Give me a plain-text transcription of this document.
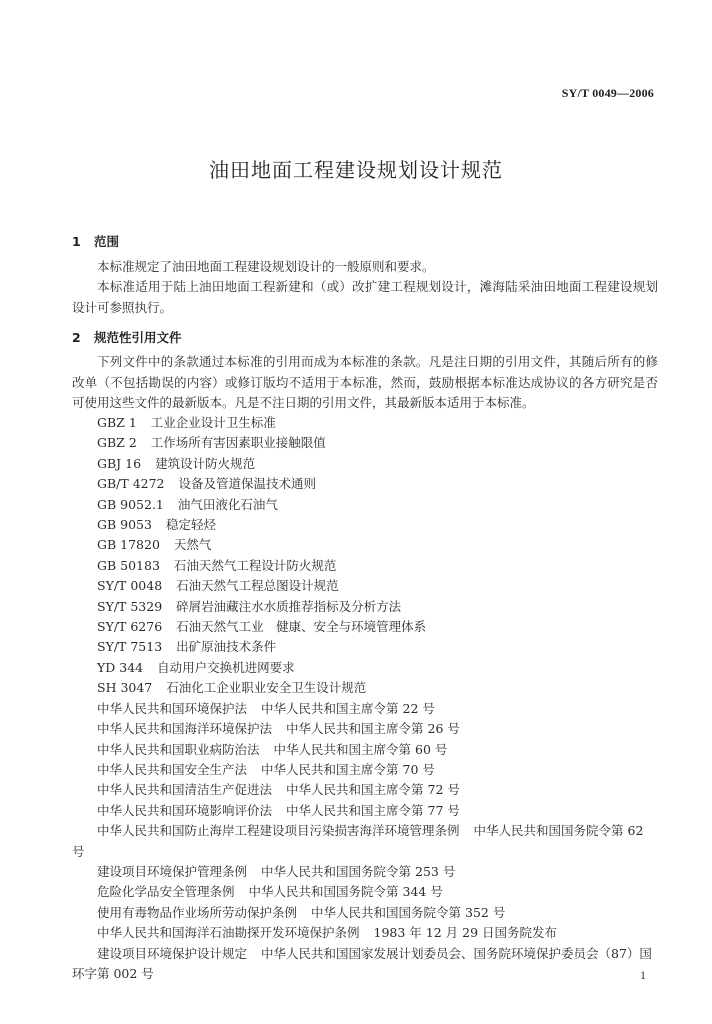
SY/T 0049—2006
油田地面工程建设规划设计规范
1 范围
本标准规定了油田地面工程建设规划设计的一般原则和要求。
本标准适用于陆上油田地面工程新建和（或）改扩建工程规划设计，滩海陆采油田地面工程建设规划设计可参照执行。
2 规范性引用文件
下列文件中的条款通过本标准的引用而成为本标准的条款。凡是注日期的引用文件，其随后所有的修改单（不包括勘误的内容）或修订版均不适用于本标准，然而，鼓励根据本标准达成协议的各方研究是否可使用这些文件的最新版本。凡是不注日期的引用文件，其最新版本适用于本标准。
GBZ 1 工业企业设计卫生标准
GBZ 2 工作场所有害因素职业接触限值
GBJ 16 建筑设计防火规范
GB/T 4272 设备及管道保温技术通则
GB 9052.1 油气田液化石油气
GB 9053 稳定轻烃
GB 17820 天然气
GB 50183 石油天然气工程设计防火规范
SY/T 0048 石油天然气工程总图设计规范
SY/T 5329 碎屑岩油藏注水水质推荐指标及分析方法
SY/T 6276 石油天然气工业　健康、安全与环境管理体系
SY/T 7513 出矿原油技术条件
YD 344 自动用户交换机进网要求
SH 3047 石油化工企业职业安全卫生设计规范
中华人民共和国环境保护法 中华人民共和国主席令第 22 号
中华人民共和国海洋环境保护法 中华人民共和国主席令第 26 号
中华人民共和国职业病防治法 中华人民共和国主席令第 60 号
中华人民共和国安全生产法 中华人民共和国主席令第 70 号
中华人民共和国清洁生产促进法 中华人民共和国主席令第 72 号
中华人民共和国环境影响评价法 中华人民共和国主席令第 77 号
中华人民共和国防止海岸工程建设项目污染损害海洋环境管理条例 中华人民共和国国务院令第 62 号
建设项目环境保护管理条例 中华人民共和国国务院令第 253 号
危险化学品安全管理条例 中华人民共和国国务院令第 344 号
使用有毒物品作业场所劳动保护条例 中华人民共和国国务院令第 352 号
中华人民共和国海洋石油勘探开发环境保护条例 1983 年 12 月 29 日国务院发布
建设项目环境保护设计规定 中华人民共和国国家发展计划委员会、国务院环境保护委员会（87）国环字第 002 号	1
